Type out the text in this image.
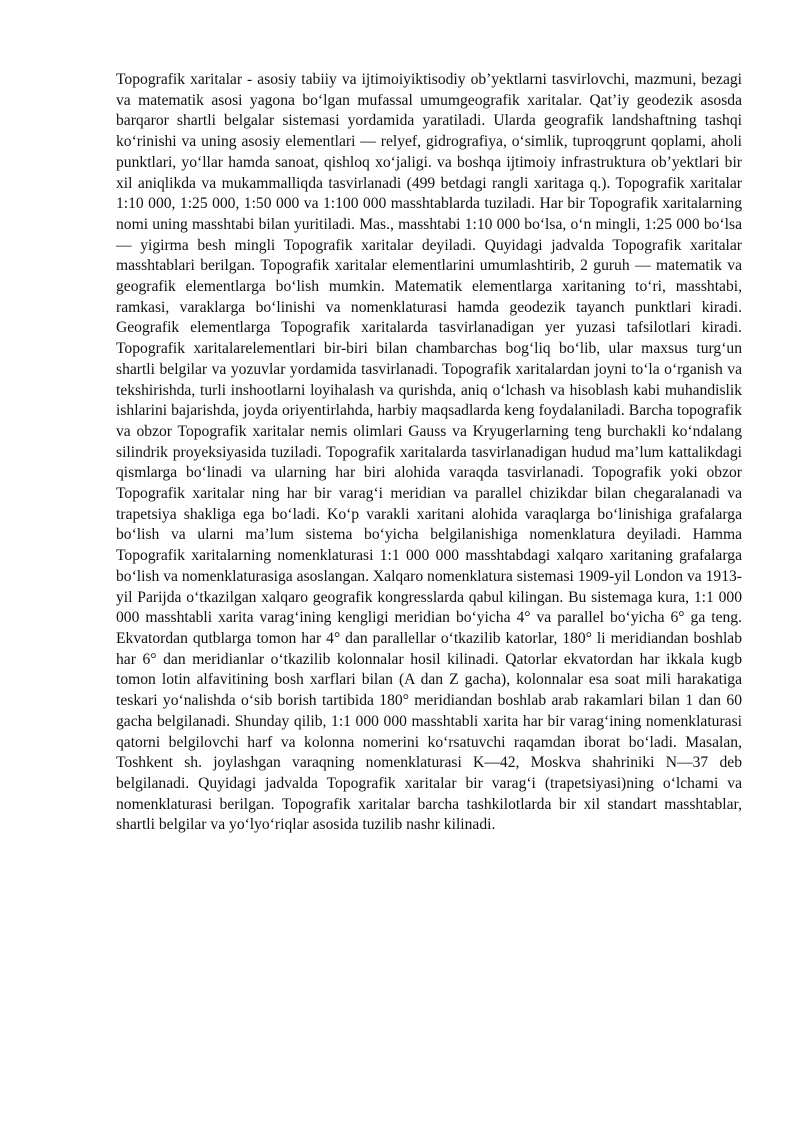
Topografik xaritalar - asosiy tabiiy va ijtimoiyiktisodiy ob’yektlarni tasvirlovchi, mazmuni, bezagi va matematik asosi yagona boʻlgan mufassal umumgeografik xaritalar. Qat’iy geodezik asosda barqaror shartli belgalar sistemasi yordamida yaratiladi. Ularda geografik landshaftning tashqi koʻrinishi va uning asosiy elementlari — relyef, gidrografiya, oʻsimlik, tuproqgrunt qoplami, aholi punktlari, yoʻllar hamda sanoat, qishloq xoʻjaligi. va boshqa ijtimoiy infrastruktura ob’yektlari bir xil aniqlikda va mukammalliqda tasvirlanadi (499 betdagi rangli xaritaga q.). Topografik xaritalar 1:10 000, 1:25 000, 1:50 000 va 1:100 000 masshtablarda tuziladi. Har bir Topografik xaritalarning nomi uning masshtabi bilan yuritiladi. Mas., masshtabi 1:10 000 boʻlsa, oʻn mingli, 1:25 000 boʻlsa — yigirma besh mingli Topografik xaritalar deyiladi. Quyidagi jadvalda Topografik xaritalar masshtablari berilgan. Topografik xaritalar elementlarini umumlashtirib, 2 guruh — matematik va geografik elementlarga boʻlish mumkin. Matematik elementlarga xaritaning toʻri, masshtabi, ramkasi, varaklarga boʻlinishi va nomenklaturasi hamda geodezik tayanch punktlari kiradi. Geografik elementlarga Topografik xaritalarda tasvirlanadigan yer yuzasi tafsilotlari kiradi. Topografik xaritalarelementlari bir-biri bilan chambarchas bogʻliq boʻlib, ular maxsus turgʻun shartli belgilar va yozuvlar yordamida tasvirlanadi. Topografik xaritalardan joyni toʻla oʻrganish va tekshirishda, turli inshootlarni loyihalash va qurishda, aniq oʻlchash va hisoblash kabi muhandislik ishlarini bajarishda, joyda oriyentirlahda, harbiy maqsadlarda keng foydalaniladi. Barcha topografik va obzor Topografik xaritalar nemis olimlari Gauss va Kryugerlarning teng burchakli koʻndalang silindrik proyeksiyasida tuziladi. Topografik xaritalarda tasvirlanadigan hudud ma’lum kattalikdagi qismlarga boʻlinadi va ularning har biri alohida varaqda tasvirlanadi. Topografik yoki obzor Topografik xaritalar ning har bir varagʻi meridian va parallel chizikdar bilan chegaralanadi va trapetsiya shakliga ega boʻladi. Koʻp varakli xaritani alohida varaqlarga boʻlinishiga grafalarga boʻlish va ularni ma’lum sistema boʻyicha belgilanishiga nomenklatura deyiladi. Hamma Topografik xaritalarning nomenklaturasi 1:1 000 000 masshtabdagi xalqaro xaritaning grafalarga boʻlish va nomenklaturasiga asoslangan. Xalqaro nomenklatura sistemasi 1909-yil London va 1913-yil Parijda oʻtkazilgan xalqaro geografik kongresslarda qabul kilingan. Bu sistemaga kura, 1:1 000 000 masshtabli xarita varagʻining kengligi meridian boʻyicha 4° va parallel boʻyicha 6° ga teng. Ekvatordan qutblarga tomon har 4° dan parallellar oʻtkazilib katorlar, 180° li meridiandan boshlab har 6° dan meridianlar oʻtkazilib kolonnalar hosil kilinadi. Qatorlar ekvatordan har ikkala kugb tomon lotin alfavitining bosh xarflari bilan (A dan Z gacha), kolonnalar esa soat mili harakatiga teskari yoʻnalishda oʻsib borish tartibida 180° meridiandan boshlab arab rakamlari bilan 1 dan 60 gacha belgilanadi. Shunday qilib, 1:1 000 000 masshtabli xarita har bir varagʻining nomenklaturasi qatorni belgilovchi harf va kolonna nomerini koʻrsatuvchi raqamdan iborat boʻladi. Masalan, Toshkent sh. joylashgan varaqning nomenklaturasi K—42, Moskva shahriniki N—37 deb belgilanadi. Quyidagi jadvalda Topografik xaritalar bir varagʻi (trapetsiyasi)ning oʻlchami va nomenklaturasi berilgan. Topografik xaritalar barcha tashkilotlarda bir xil standart masshtablar, shartli belgilar va yoʻlyoʻriqlar asosida tuzilib nashr kilinadi.
